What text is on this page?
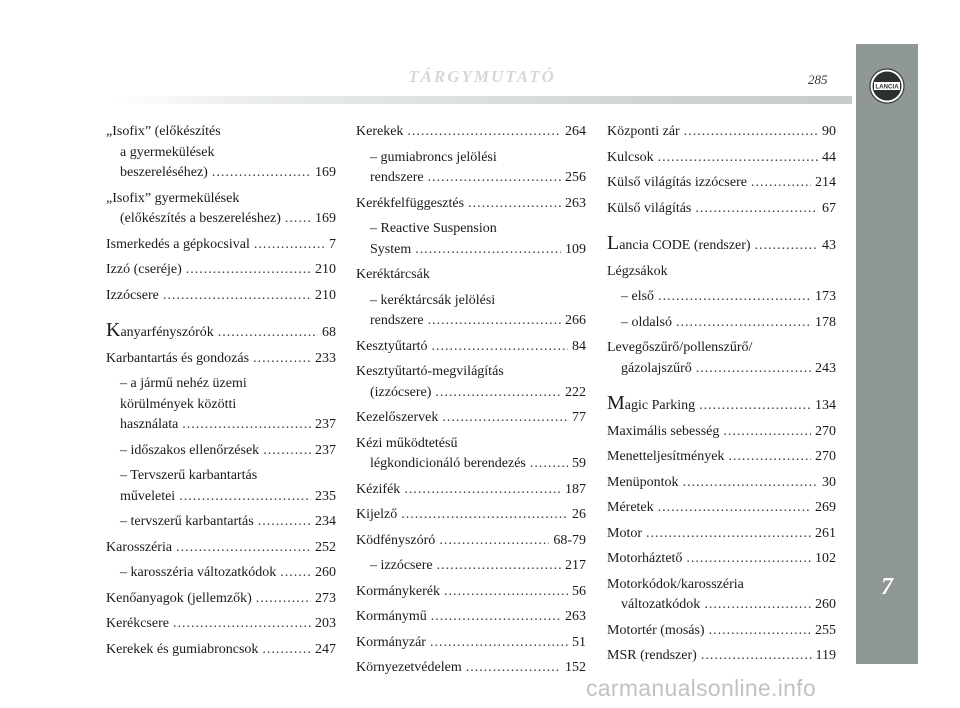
TÁRGYMUTATÓ	285
LANCIA
7
„Isofix” (előkészítés
a gyermekülések
beszereléséhez) .....	169
„Isofix” gyermekülések
(előkészítés a beszereléshez) ..... 169
Ismerkedés a gépkocsival .....	7
Izzó (cseréje) .....	210
Izzócsere .....	210
Kanyarfényszórók .....	68
Karbantartás és gondozás .....	233
– a jármű nehéz üzemi
körülmények közötti
használata .....	237
– időszakos ellenőrzések .....	237
– Tervszerű karbantartás
műveletei .....	235
– tervszerű karbantartás .....	234
Karosszéria .....	252
– karosszéria változatkódok .....	260
Kenőanyagok (jellemzők) .....	273
Kerékcsere .....	203
Kerekek és gumiabroncsok .....	247
Kerekek .....	264
– gumiabroncs jelölési
rendszere .....	256
Kerékfelfüggesztés .....	263
– Reactive Suspension
System .....	109
Keréktárcsák
– keréktárcsák jelölési
rendszere .....	266
Kesztyűtartó .....	84
Kesztyűtartó-megvilágítás
(izzócsere) .....	222
Kezelőszervek .....	77
Kézi működtetésű
légkondicionáló berendezés .....	59
Kézifék .....	187
Kijelző .....	26
Ködfényszóró .....	68-79
– izzócsere .....	217
Kormánykerék .....	56
Kormánymű .....	263
Kormányzár .....	51
Környezetvédelem .....	152
Központi zár .....	90
Kulcsok .....	44
Külső világítás izzócsere .....	214
Külső világítás .....	67
Lancia CODE (rendszer) .....	43
Légzsákok
– első .....	173
– oldalsó .....	178
Levegőszűrő/pollenszűrő/
gázolajszűrő .....	243
Magic Parking .....	134
Maximális sebesség .....	270
Menetteljesítmények .....	270
Menüpontok .....	30
Méretek .....	269
Motor .....	261
Motorháztető .....	102
Motorkódok/karosszéria
változatkódok .....	260
Motortér (mosás) .....	255
MSR (rendszer) .....	119
carmanualsonline.info
